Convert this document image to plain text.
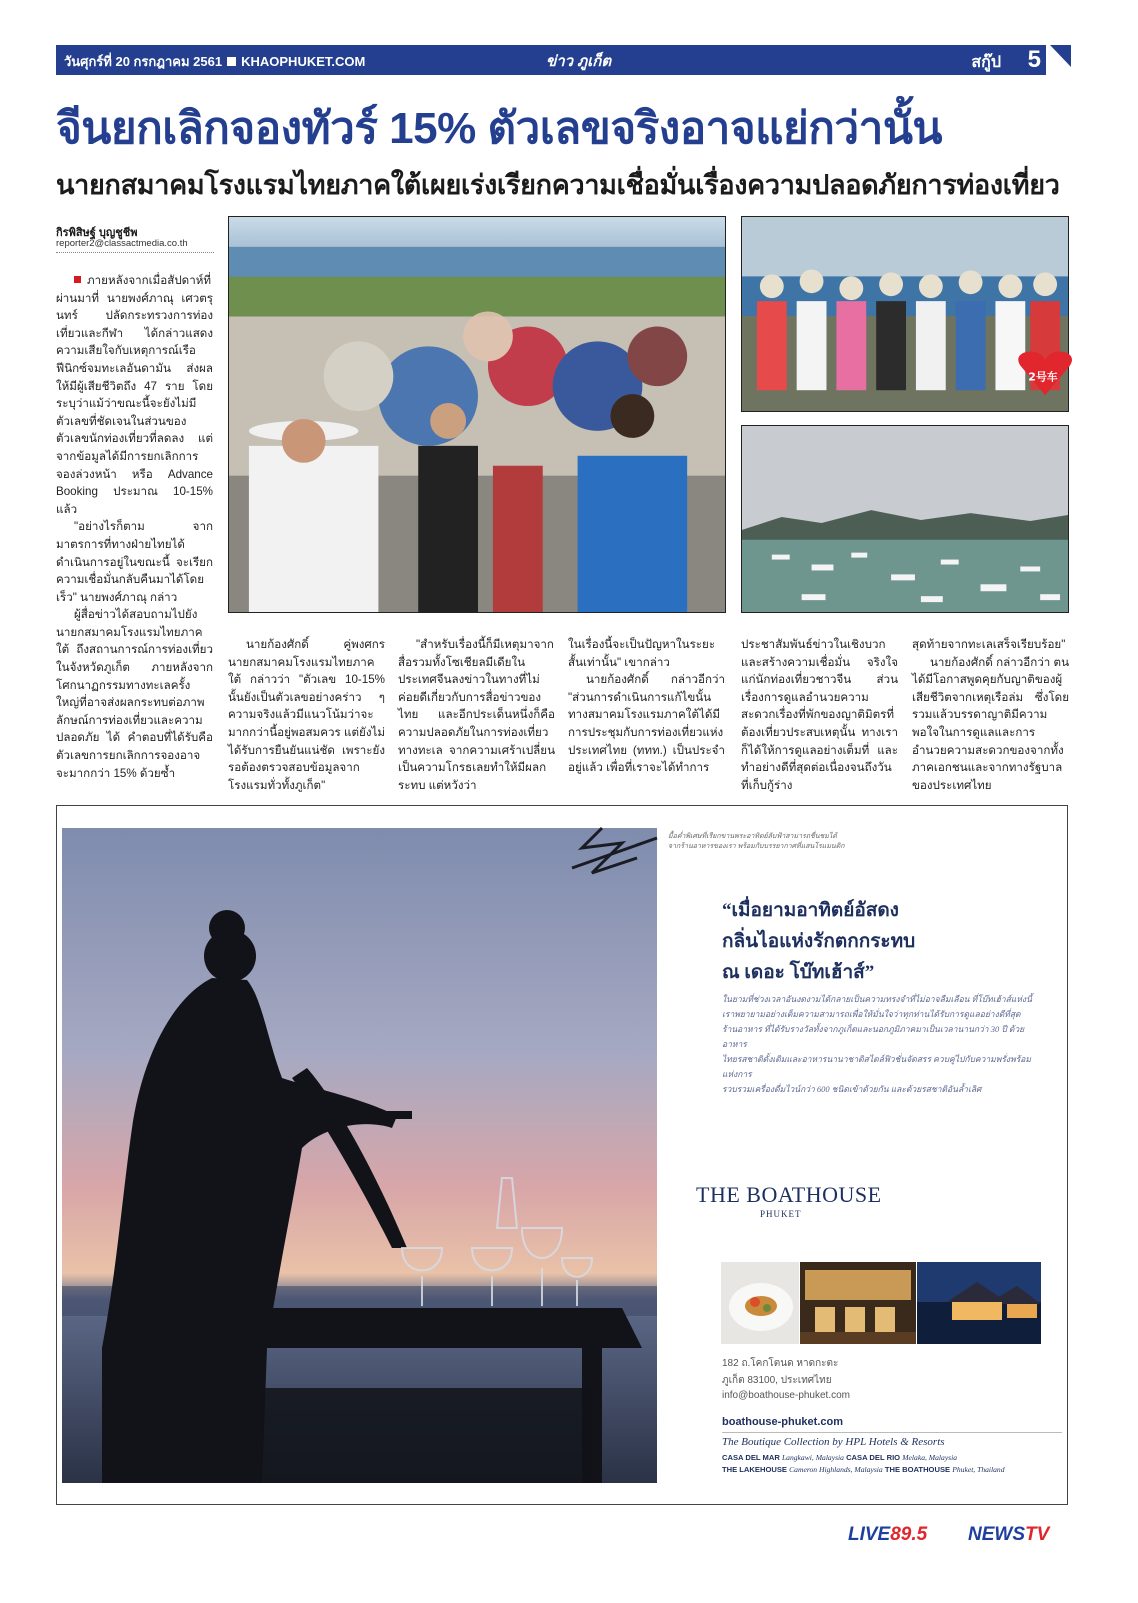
วันศุกร์ที่ 20 กรกฎาคม 2561 KHAOPHUKET.COM	ข่าว ภูเก็ต	สกู๊ป 5
จีนยกเลิกจองทัวร์ 15% ตัวเลขจริงอาจแย่กว่านั้น
นายกสมาคมโรงแรมไทยภาคใต้เผยเร่งเรียกความเชื่อมั่นเรื่องความปลอดภัยการท่องเที่ยว
กิรพิสิษฐ์ บุญชูชีพ
reporter2@classactmedia.co.th

ภายหลังจากเมื่อสัปดาห์ที่ผ่านมาที่ นายพงศ์ภาณุ เศวตรุนทร์ ปลัดกระทรวงการท่องเที่ยวและกีฬา ได้กล่าวแสดงความเสียใจกับเหตุการณ์เรือฟีนิกซ์จมทะเลอันดามัน ส่งผลให้มีผู้เสียชีวิตถึง 47 ราย โดยระบุว่าแม้ว่าขณะนี้จะยังไม่มีตัวเลขที่ชัดเจนในส่วนของตัวเลขนักท่องเที่ยวที่ลดลง แต่จากข้อมูลได้มีการยกเลิกการจองล่วงหน้า หรือ Advance Booking ประมาณ 10-15% แล้ว

"อย่างไรก็ตาม จากมาตรการที่ทางฝ่ายไทยได้ดำเนินการอยู่ในขณะนี้ จะเรียกความเชื่อมั่นกลับคืนมาได้โดยเร็ว" นายพงศ์ภาณุ กล่าว

ผู้สื่อข่าวได้สอบถามไปยังนายกสมาคมโรงแรมไทยภาคใต้ ถึงสถานการณ์การท่องเที่ยวในจังหวัดภูเก็ต ภายหลังจากโศกนาฏกรรมทางทะเลครั้งใหญ่ที่อาจส่งผลกระทบต่อภาพลักษณ์การท่องเที่ยวและความปลอดภัย ได้ คำตอบที่ได้รับคือตัวเลขการยกเลิกการจองอาจจะมากกว่า 15% ด้วยซ้ำ

2号车

นายก้องศักดิ์ คู่พงศกร นายกสมาคมโรงแรมไทยภาคใต้ กล่าวว่า "ตัวเลข 10-15% นั้นยังเป็นตัวเลขอย่างคร่าว ๆ ความจริงแล้วมีแนวโน้มว่าจะมากกว่านี้อยู่พอสมควร แต่ยังไม่ได้รับการยืนยันแน่ชัด เพราะยังรอต้องตรวจสอบข้อมูลจากโรงแรมทั่วทั้งภูเก็ต"

"สำหรับเรื่องนี้ก็มีเหตุมาจากสื่อรวมทั้งโซเชียลมีเดียในประเทศจีนลงข่าวในทางที่ไม่ค่อยดีเกี่ยวกับการสื่อข่าวของไทย และอีกประเด็นหนึ่งก็คือความปลอดภัยในการท่องเที่ยวทางทะเล จากความเศร้าเปลี่ยนเป็นความโกรธเลยทำให้มีผลกระทบ แต่หวังว่า

ในเรื่องนี้จะเป็นปัญหาในระยะสั้นเท่านั้น" เขากล่าว

นายก้องศักดิ์ กล่าวอีกว่า "ส่วนการดำเนินการแก้ไขนั้นทางสมาคมโรงแรมภาคใต้ได้มีการประชุมกับการท่องเที่ยวแห่งประเทศไทย (ททท.) เป็นประจำอยู่แล้ว เพื่อที่เราจะได้ทำการ

ประชาสัมพันธ์ข่าวในเชิงบวกและสร้างความเชื่อมั่น จริงใจแก่นักท่องเที่ยวชาวจีน ส่วนเรื่องการดูแลอำนวยความสะดวกเรื่องที่พักของญาติมิตรที่ต้องเที่ยวประสบเหตุนั้น ทางเราก็ได้ให้การดูแลอย่างเต็มที่ และทำอย่างดีที่สุดต่อเนื่องจนถึงวันที่เก็บกู้ร่าง

สุดท้ายจากทะเลเสร็จเรียบร้อย"

นายก้องศักดิ์ กล่าวอีกว่า ตนได้มีโอกาสพูดคุยกับญาติของผู้เสียชีวิตจากเหตุเรือล่ม ซึ่งโดยรวมแล้วบรรดาญาติมีความพอใจในการดูแลและการอำนวยความสะดวกของจากทั้งภาคเอกชนและจากทางรัฐบาลของประเทศไทย

มื้อค่ำพิเศษที่เรียกขานพระอาทิตย์ลับฟ้าสามารถชื่นชมได้จากร้านอาหารของเรา พร้อมกับบรรยากาศที่แสนโรแมนติก
“เมื่อยามอาทิตย์อัสดง
กลิ่นไอแห่งรักตกกระทบ
ณ เดอะ โบ๊ทเฮ้าส์”
ในยามที่ช่วงเวลาอันงดงามได้กลายเป็นความทรงจำที่ไม่อาจลืมเลือน ที่โบ๊ทเฮ้าส์แห่งนี้
เราพยายามอย่างเต็มความสามารถเพื่อให้มั่นใจว่าทุกท่านได้รับการดูแลอย่างดีที่สุด
ร้านอาหาร ที่ได้รับรางวัลทั้งจากภูเก็ตและนอกภูมิภาคมาเป็นเวลานานกว่า 30 ปี ด้วยอาหาร
ไทยรสชาติดั้งเดิมและอาหารนานาชาติสไตล์ฟิวชั่นจัดสรร ควบคู่ไปกับความพรั่งพร้อมแห่งการ
รวบรวมเครื่องดื่มไวน์กว่า 600 ชนิดเข้าด้วยกัน และด้วยรสชาติอันล้ำเลิศ
THE BOATHOUSE
PHUKET
182 ถ.โคกโตนด หาดกะตะ
ภูเก็ต 83100, ประเทศไทย
info@boathouse-phuket.com
boathouse-phuket.com
The Boutique Collection by HPL Hotels & Resorts
CASA DEL MAR Langkawi, Malaysia CASA DEL RIO Melaka, Malaysia
THE LAKEHOUSE Cameron Highlands, Malaysia THE BOATHOUSE Phuket, Thailand
LIVE89.5 NEWSTV
